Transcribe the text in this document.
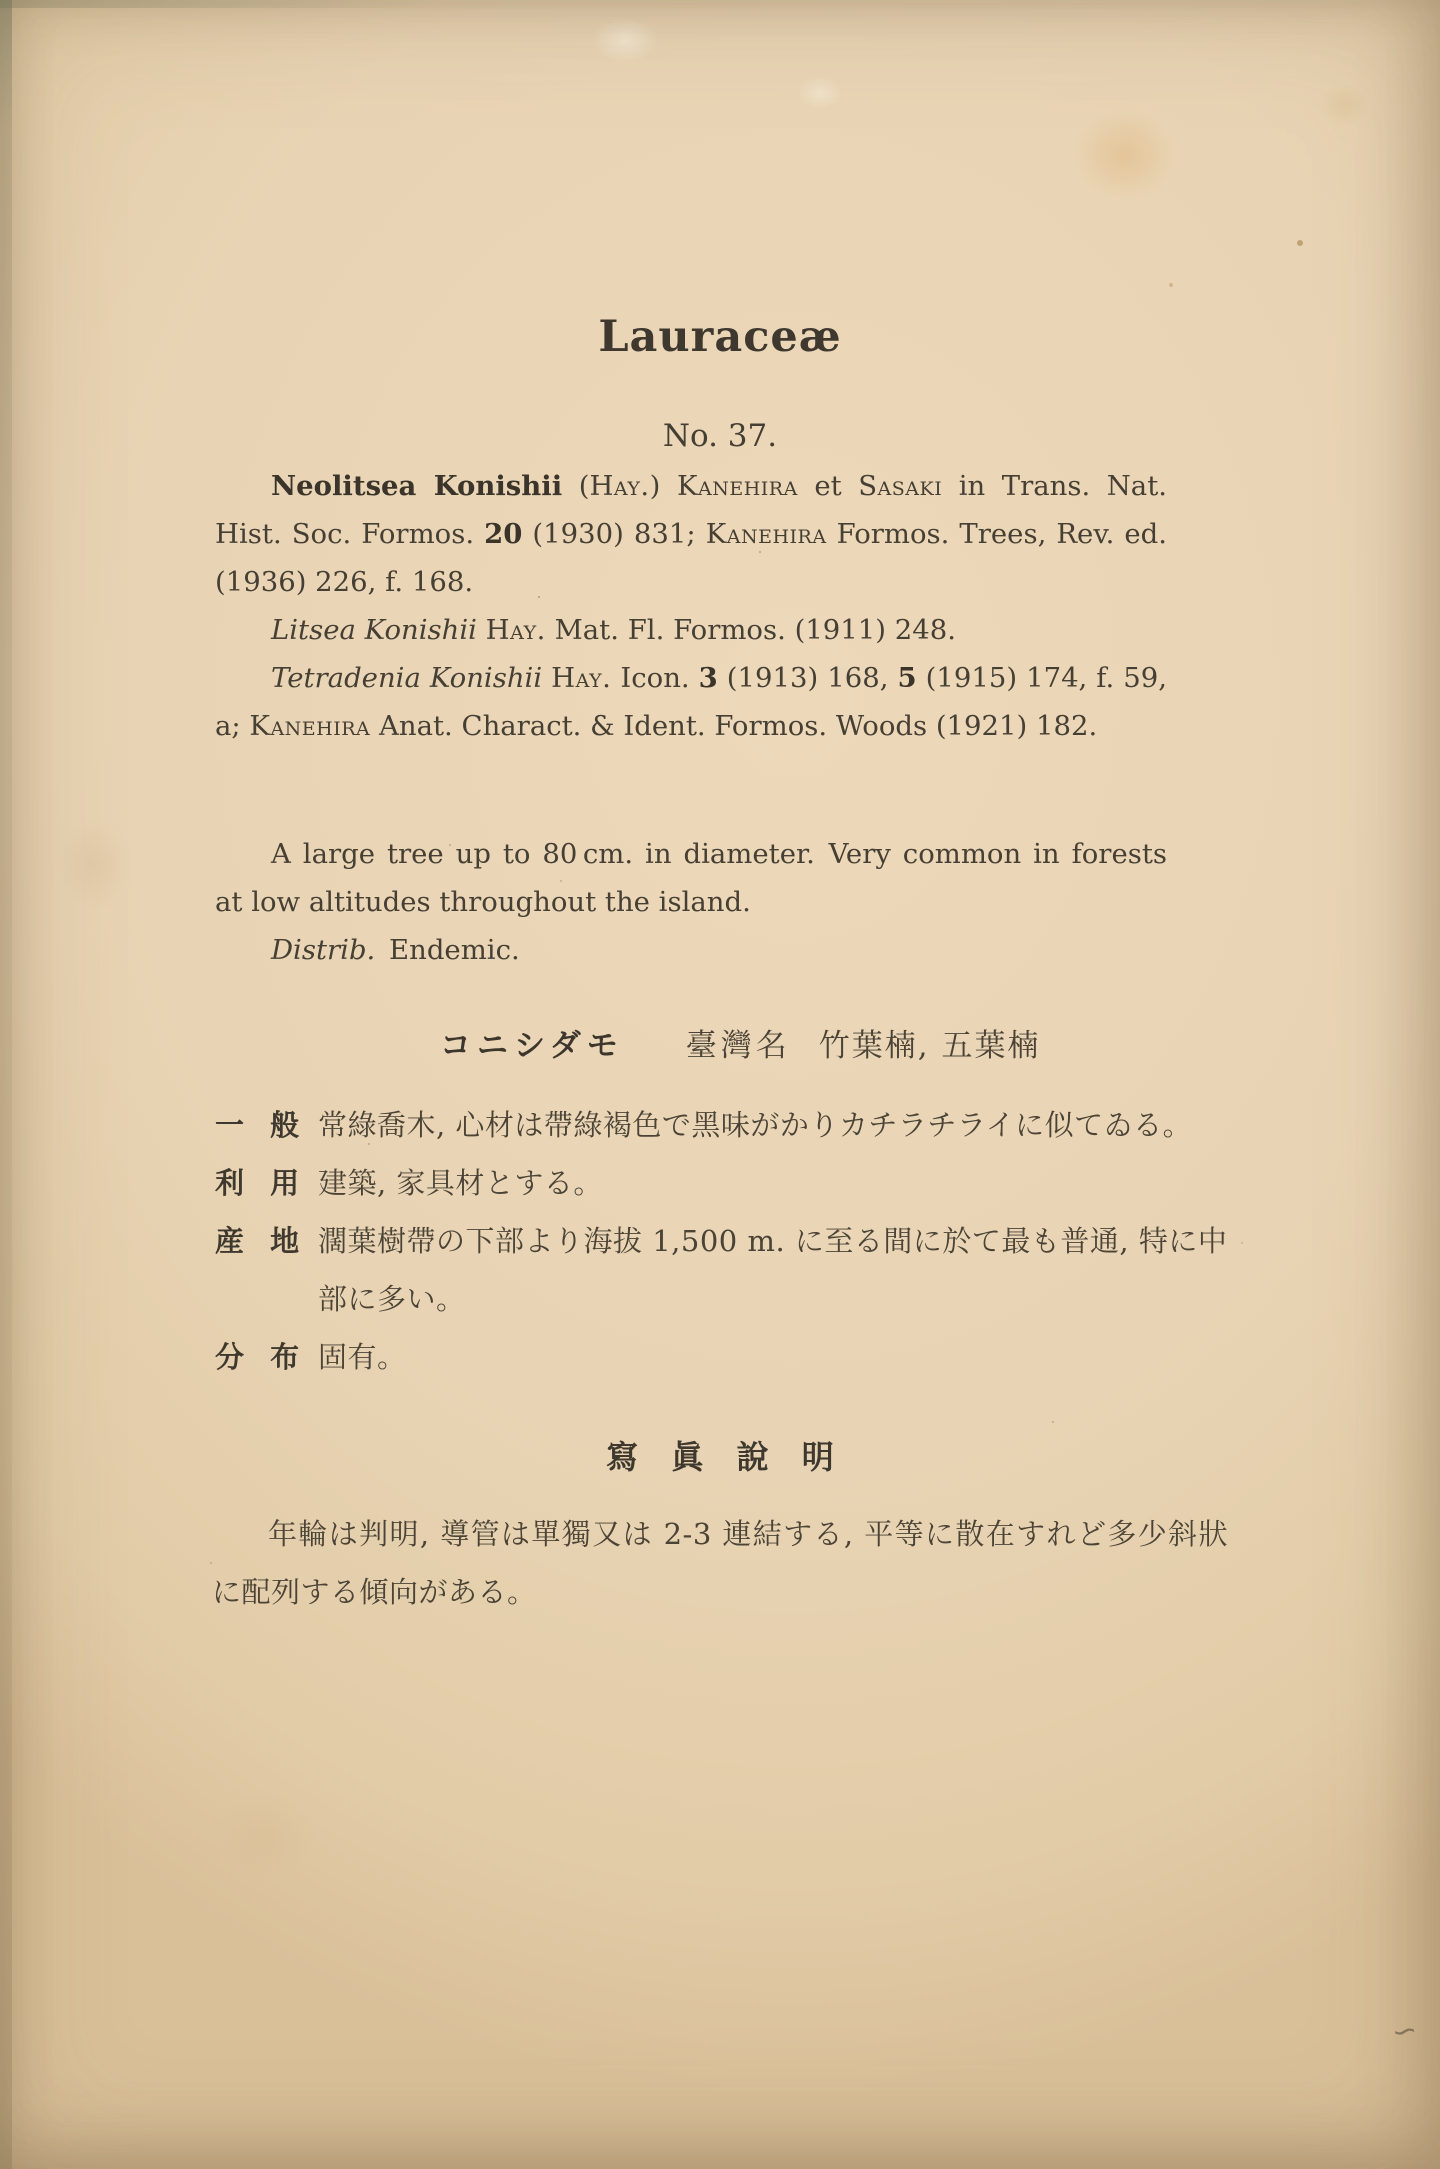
Lauraceæ
No. 37.

Neolitsea Konishii (Hay.) Kanehira et Sasaki in Trans. Nat. Hist. Soc. Formos. 20 (1930) 831; Kanehira Formos. Trees, Rev. ed. (1936) 226, f. 168.

Litsea Konishii Hay. Mat. Fl. Formos. (1911) 248.

Tetradenia Konishii Hay. Icon. 3 (1913) 168, 5 (1915) 174, f. 59, a; Kanehira Anat. Charact. & Ident. Formos. Woods (1921) 182.

A large tree up to 80 cm. in diameter. Very common in forests at low altitudes throughout the island.

Distrib. Endemic.

コニシダモ 臺灣名 竹葉楠, 五葉楠
一 般 常綠喬木, 心材は帶綠褐色で黑味がかりカチラチライに似てゐる。
利 用 建築, 家具材とする。
産 地 濶葉樹帶の下部より海拔 1,500 m. に至る間に於て最も普通, 特に中部に多い。
分 布 固有。
寫 眞 說 明

年輪は判明, 導管は單獨又は 2-3 連結する, 平等に散在すれど多少斜狀に配列する傾向がある。

∽
